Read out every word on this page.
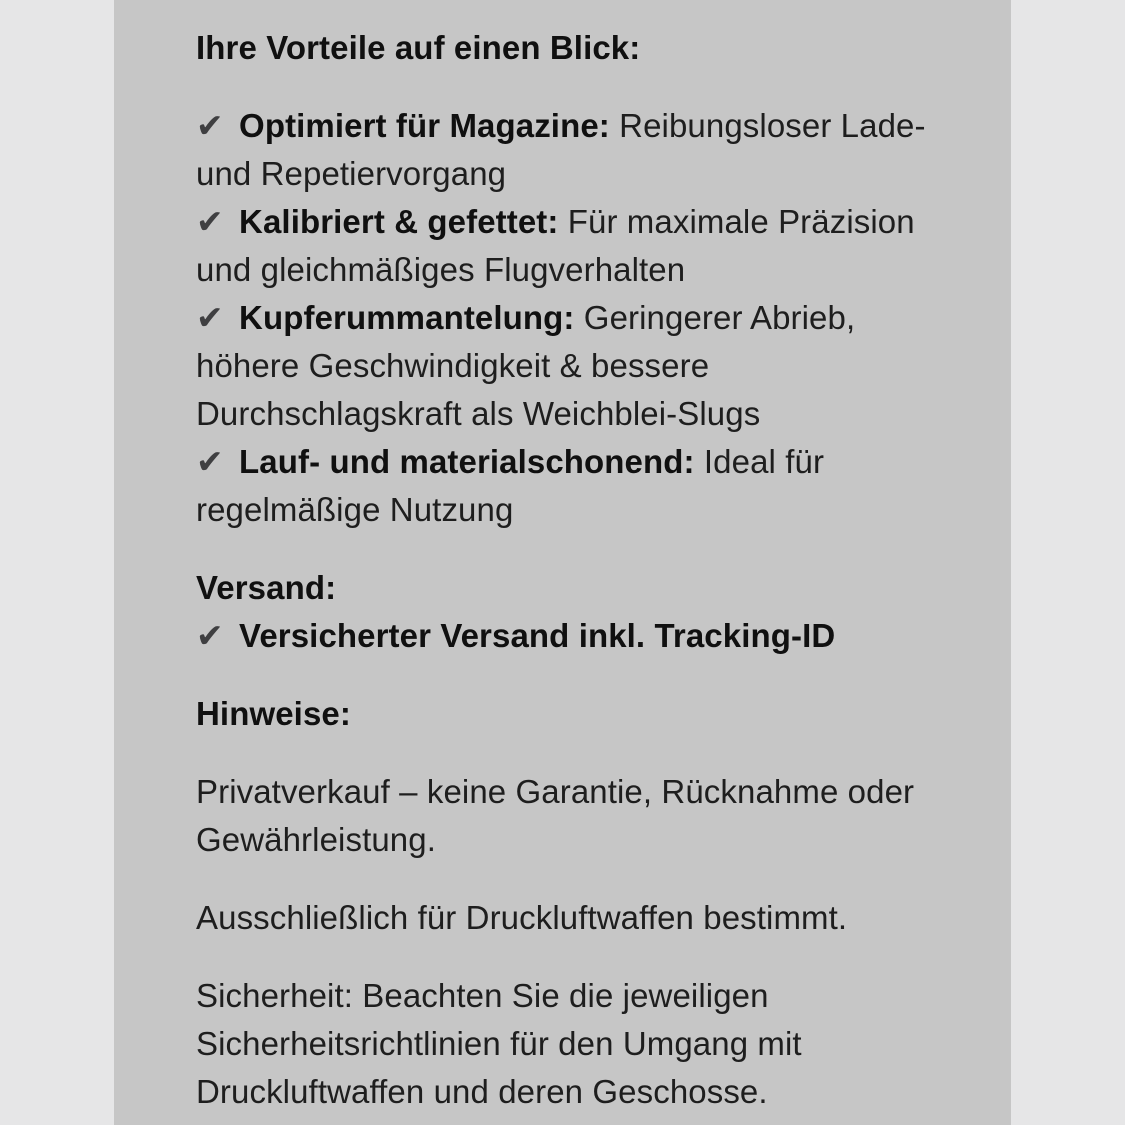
Ihre Vorteile auf einen Blick:

✔ Optimiert für Magazine: Reibungsloser Lade- und Repetiervorgang

✔ Kalibriert & gefettet: Für maximale Präzision und gleichmäßiges Flugverhalten

✔ Kupferummantelung: Geringerer Abrieb, höhere Geschwindigkeit & bessere Durchschlagskraft als Weichblei-Slugs

✔ Lauf- und materialschonend: Ideal für regelmäßige Nutzung

Versand:

✔ Versicherter Versand inkl. Tracking-ID

Hinweise:

Privatverkauf – keine Garantie, Rücknahme oder Gewährleistung.

Ausschließlich für Druckluftwaffen bestimmt.

Sicherheit: Beachten Sie die jeweiligen Sicherheitsrichtlinien für den Umgang mit Druckluftwaffen und deren Geschosse.
